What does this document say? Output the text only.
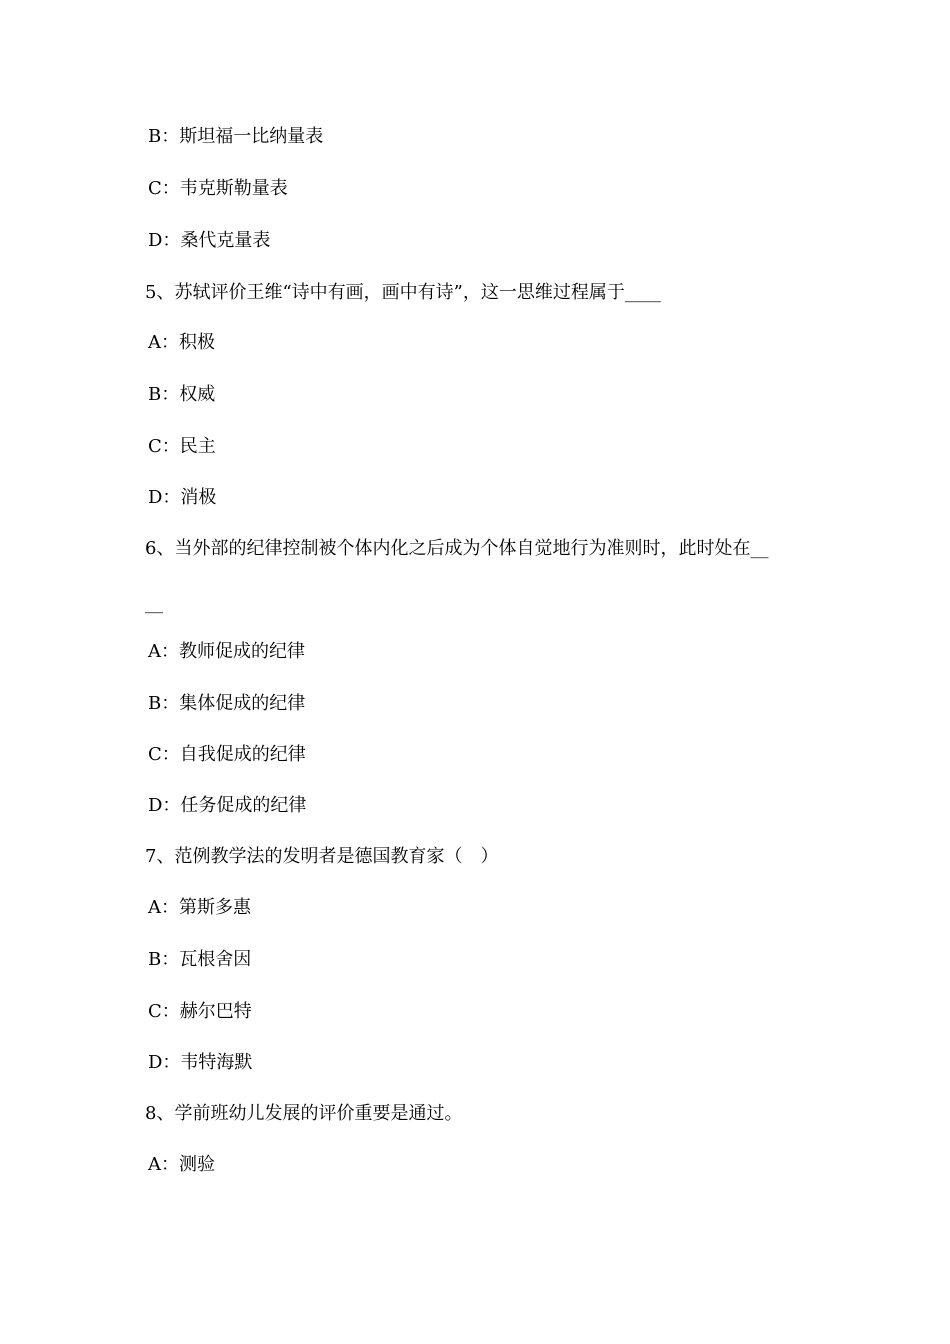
B：斯坦福一比纳量表
C：韦克斯勒量表
D：桑代克量表
5、苏轼评价王维“诗中有画，画中有诗”，这一思维过程属于____
A：积极
B：权威
C：民主
D：消极
6、当外部的纪律控制被个体内化之后成为个体自觉地行为准则时，此时处在__
__
A：教师促成的纪律
B：集体促成的纪律
C：自我促成的纪律
D：任务促成的纪律
7、范例教学法的发明者是德国教育家（　）
A：第斯多惠
B：瓦根舍因
C：赫尔巴特
D：韦特海默
8、学前班幼儿发展的评价重要是通过。
A：测验
